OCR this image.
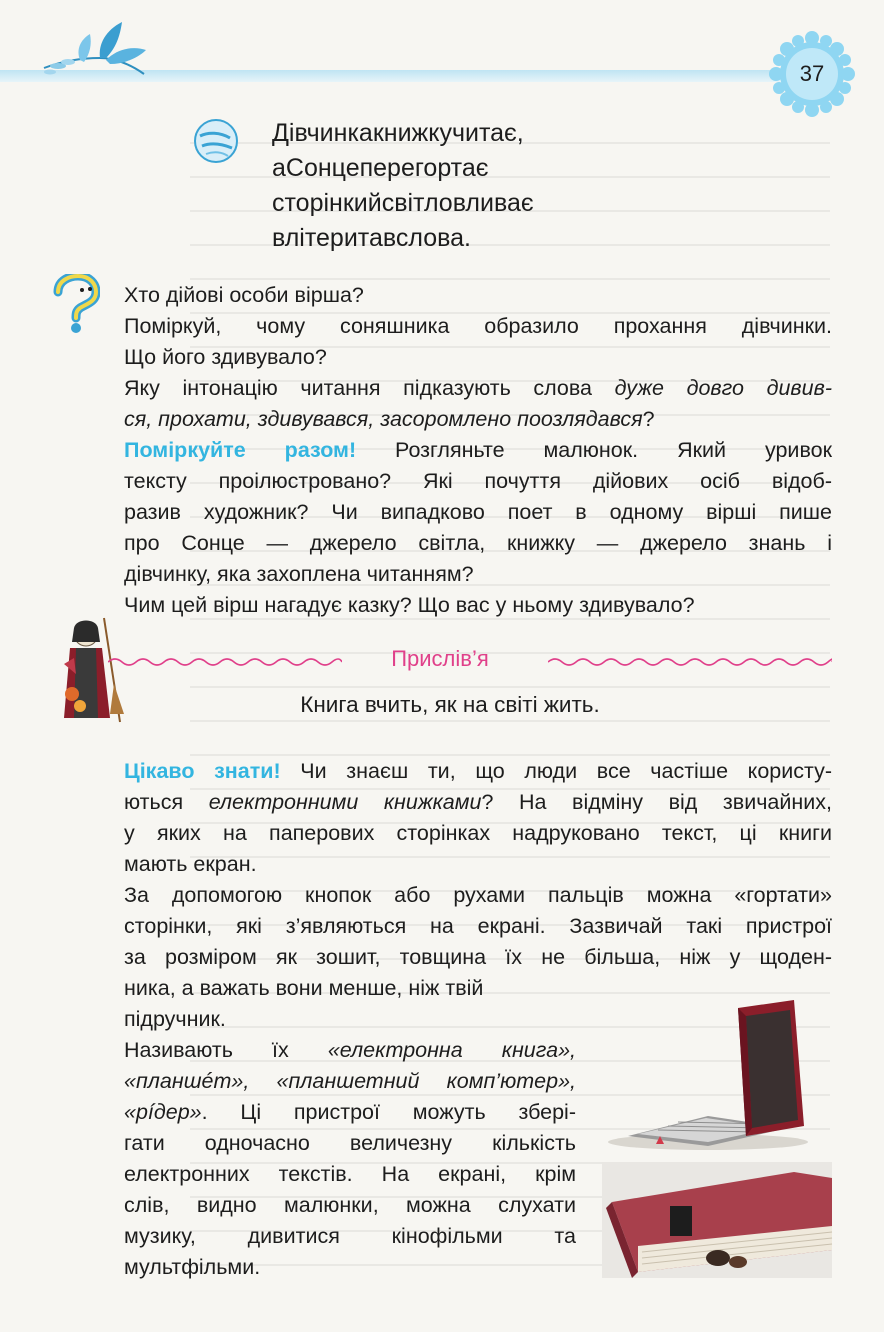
37
Дівчинкакнижкучитає,
аСонцеперегортає
сторінкийсвітловливає
влітеритавслова.

Хто дійові особи вірша?

Поміркуй, чому соняшника образило прохання дівчинки.

Що його здивувало?

Яку інтонацію читання підказують слова дуже довго дивив-

ся, прохати, здивувався, засоромлено поозлядався?

Поміркуйте разом! Розгляньте малюнок. Який уривок

тексту проілюстровано? Які почуття дійових осіб відоб-

разив художник? Чи випадково поет в одному вірші пише

про Сонце — джерело світла, книжку — джерело знань і

дівчинку, яка захоплена читанням?

Чим цей вірш нагадує казку? Що вас у ньому здивувало?

Прислів’я
Книга вчить, як на світі жить.

Цікаво знати! Чи знаєш ти, що люди все частіше користу-

ються електронними книжками? На відміну від звичайних,

у яких на паперових сторінках надруковано текст, ці книги

мають екран.

За допомогою кнопок або рухами пальців можна «гортати»

сторінки, які з’являються на екрані. Зазвичай такі пристрої

за розміром як зошит, товщина їх не більша, ніж у щоден-

ника, а важать вони менше, ніж твій

підручник.

Називають їх «електронна книга»,

«планшéт», «планшетний комп’ютер»,

«рíдер». Ці пристрої можуть збері-

гати одночасно величезну кількість

електронних текстів. На екрані, крім

слів, видно малюнки, можна слухати

музику, дивитися кінофільми та

мультфільми.
